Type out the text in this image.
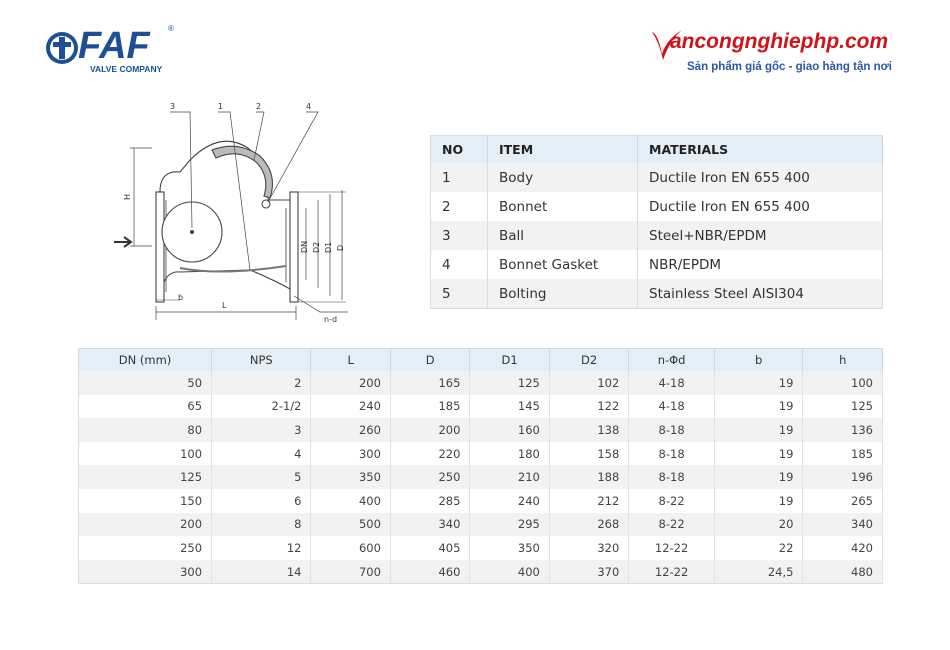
FAF ®
VALVE COMPANY
ancongnghiephp.com
Sản phẩm giá gốc - giao hàng tận nơi
3	1	2	4
H
DN D2 D1 D
b
L
n-d
NO	ITEM	MATERIALS
1	Body	Ductile Iron EN 655 400
2	Bonnet	Ductile Iron EN 655 400
3	Ball	Steel+NBR/EPDM
4	Bonnet Gasket	NBR/EPDM
5	Bolting	Stainless Steel AISI304
DN (mm)	NPS	L	D	D1	D2	n-Φd	b	h
50	2	200	165	125	102	4-18	19	100
65	2-1/2	240	185	145	122	4-18	19	125
80	3	260	200	160	138	8-18	19	136
100	4	300	220	180	158	8-18	19	185
125	5	350	250	210	188	8-18	19	196
150	6	400	285	240	212	8-22	19	265
200	8	500	340	295	268	8-22	20	340
250	12	600	405	350	320	12-22	22	420
300	14	700	460	400	370	12-22	24,5	480
